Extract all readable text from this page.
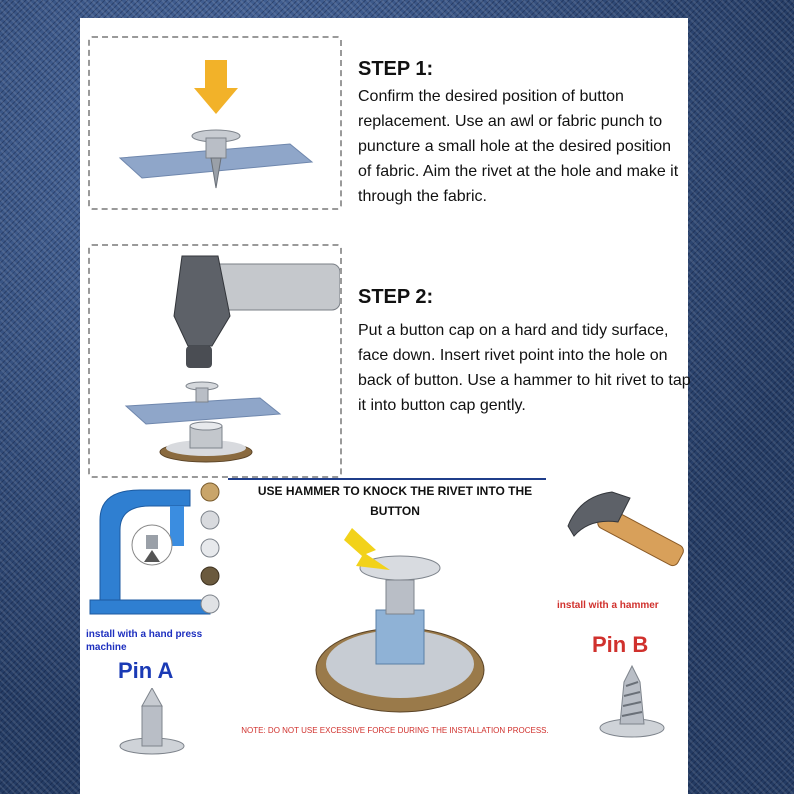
STEP 1:
Confirm the desired position of button replacement. Use an awl or fabric punch to puncture a small hole at the desired position of fabric. Aim the rivet at the hole and make it through the fabric.
STEP 2:
Put a button cap on a hard and tidy surface, face down. Insert rivet point into the hole on back of button. Use a hammer to hit rivet to tap it into button cap gently.
install with a hand press machine
Pin A
USE HAMMER TO KNOCK THE RIVET INTO THE BUTTON
NOTE: DO NOT USE EXCESSIVE FORCE DURING THE INSTALLATION PROCESS.
install with a hammer
Pin B
